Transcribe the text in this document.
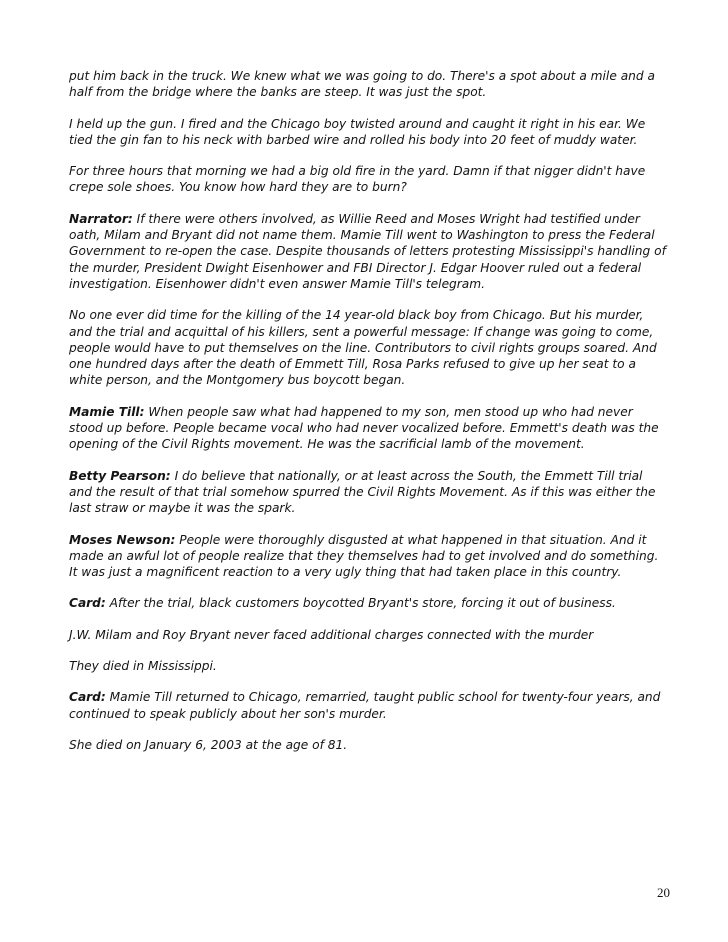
put him back in the truck. We knew what we was going to do. There's a spot about a mile and a half from the bridge where the banks are steep. It was just the spot.

I held up the gun. I fired and the Chicago boy twisted around and caught it right in his ear. We tied the gin fan to his neck with barbed wire and rolled his body into 20 feet of muddy water.

For three hours that morning we had a big old fire in the yard. Damn if that nigger didn't have crepe sole shoes. You know how hard they are to burn?

Narrator: If there were others involved, as Willie Reed and Moses Wright had testified under oath, Milam and Bryant did not name them. Mamie Till went to Washington to press the Federal Government to re-open the case. Despite thousands of letters protesting Mississippi's handling of the murder, President Dwight Eisenhower and FBI Director J. Edgar Hoover ruled out a federal investigation. Eisenhower didn't even answer Mamie Till's telegram.

No one ever did time for the killing of the 14 year-old black boy from Chicago. But his murder, and the trial and acquittal of his killers, sent a powerful message: If change was going to come, people would have to put themselves on the line. Contributors to civil rights groups soared. And one hundred days after the death of Emmett Till, Rosa Parks refused to give up her seat to a white person, and the Montgomery bus boycott began.

Mamie Till: When people saw what had happened to my son, men stood up who had never stood up before. People became vocal who had never vocalized before. Emmett's death was the opening of the Civil Rights movement. He was the sacrificial lamb of the movement.

Betty Pearson: I do believe that nationally, or at least across the South, the Emmett Till trial and the result of that trial somehow spurred the Civil Rights Movement. As if this was either the last straw or maybe it was the spark.

Moses Newson: People were thoroughly disgusted at what happened in that situation. And it made an awful lot of people realize that they themselves had to get involved and do something. It was just a magnificent reaction to a very ugly thing that had taken place in this country.

Card: After the trial, black customers boycotted Bryant's store, forcing it out of business.

J.W. Milam and Roy Bryant never faced additional charges connected with the murder

They died in Mississippi.

Card: Mamie Till returned to Chicago, remarried, taught public school for twenty-four years, and continued to speak publicly about her son's murder.

She died on January 6, 2003 at the age of 81.

20
